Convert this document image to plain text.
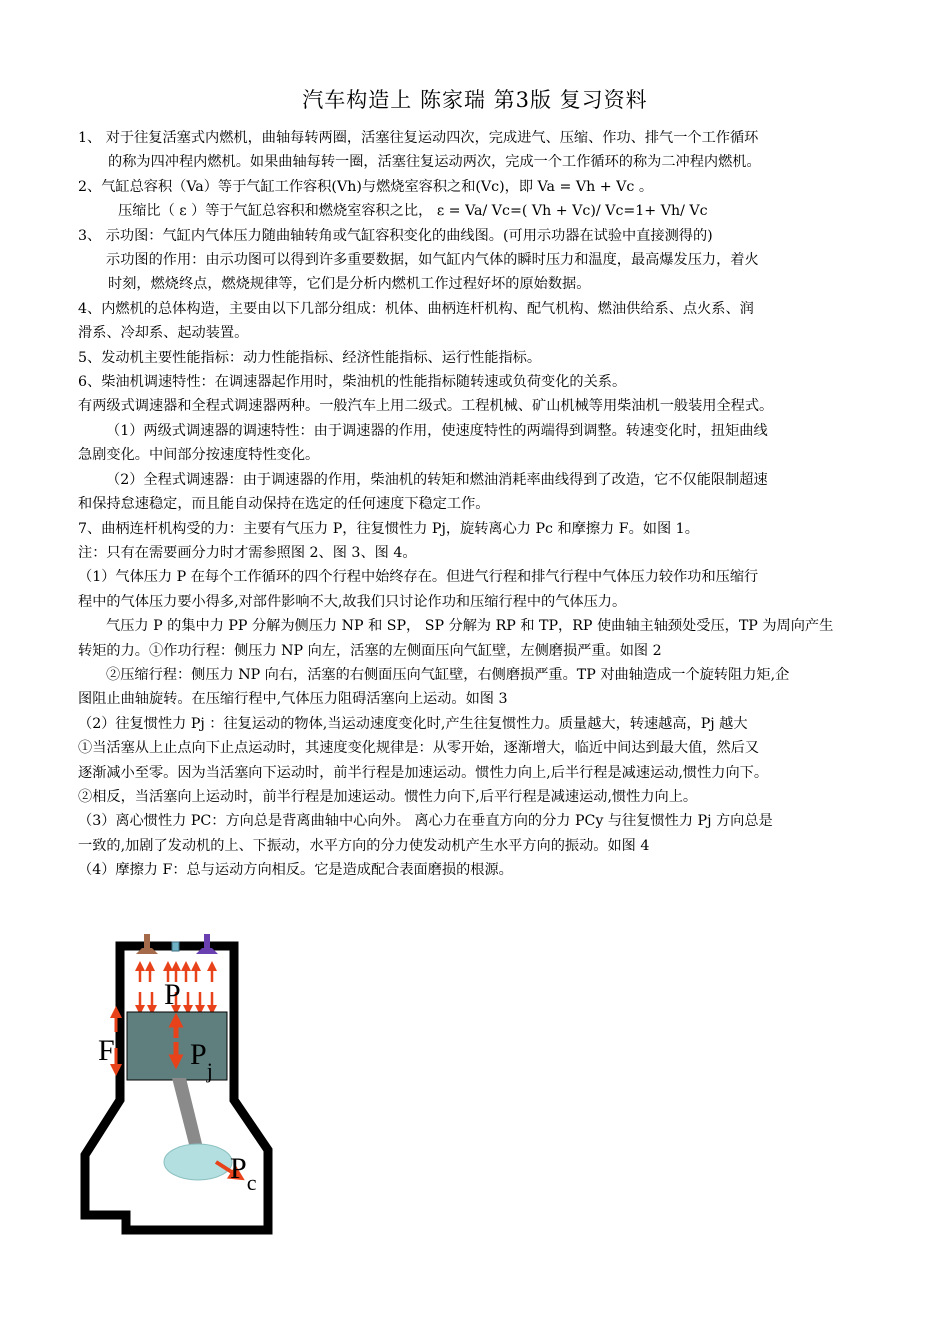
汽车构造上 陈家瑞 第3版 复习资料

1、 对于往复活塞式内燃机，曲轴每转两圈，活塞往复运动四次，完成进气、压缩、作功、排气一个工作循环

的称为四冲程内燃机。如果曲轴每转一圈，活塞往复运动两次，完成一个工作循环的称为二冲程内燃机。

2、气缸总容积（Va）等于气缸工作容积(Vh)与燃烧室容积之和(Vc)，即 Va = Vh + Vc 。

压缩比（ ε ）等于气缸总容积和燃烧室容积之比， ε = Va/ Vc=( Vh + Vc)/ Vc=1+ Vh/ Vc

3、 示功图：气缸内气体压力随曲轴转角或气缸容积变化的曲线图。(可用示功器在试验中直接测得的)

示功图的作用：由示功图可以得到许多重要数据，如气缸内气体的瞬时压力和温度，最高爆发压力，着火

时刻，燃烧终点，燃烧规律等，它们是分析内燃机工作过程好坏的原始数据。

4、内燃机的总体构造，主要由以下几部分组成：机体、曲柄连杆机构、配气机构、燃油供给系、点火系、润

滑系、冷却系、起动装置。

5、发动机主要性能指标：动力性能指标、经济性能指标、运行性能指标。

6、柴油机调速特性：在调速器起作用时，柴油机的性能指标随转速或负荷变化的关系。

有两级式调速器和全程式调速器两种。一般汽车上用二级式。工程机械、矿山机械等用柴油机一般装用全程式。

（1）两级式调速器的调速特性：由于调速器的作用，使速度特性的两端得到调整。转速变化时，扭矩曲线

急剧变化。中间部分按速度特性变化。

（2）全程式调速器：由于调速器的作用，柴油机的转矩和燃油消耗率曲线得到了改造，它不仅能限制超速

和保持怠速稳定，而且能自动保持在选定的任何速度下稳定工作。

7、曲柄连杆机构受的力：主要有气压力 P，往复惯性力 Pj，旋转离心力 Pc 和摩擦力 F。如图 1。

注：只有在需要画分力时才需参照图 2、图 3、图 4。

（1）气体压力 P 在每个工作循环的四个行程中始终存在。但进气行程和排气行程中气体压力较作功和压缩行

程中的气体压力要小得多,对部件影响不大,故我们只讨论作功和压缩行程中的气体压力。

气压力 P 的集中力 PP 分解为侧压力 NP 和 SP， SP 分解为 RP 和 TP，RP 使曲轴主轴颈处受压，TP 为周向产生

转矩的力。①作功行程：侧压力 NP 向左，活塞的左侧面压向气缸壁，左侧磨损严重。如图 2

②压缩行程：侧压力 NP 向右，活塞的右侧面压向气缸壁，右侧磨损严重。TP 对曲轴造成一个旋转阻力矩,企

图阻止曲轴旋转。在压缩行程中,气体压力阻碍活塞向上运动。如图 3

（2）往复惯性力 Pj ：往复运动的物体,当运动速度变化时,产生往复惯性力。质量越大，转速越高，Pj 越大

①当活塞从上止点向下止点运动时，其速度变化规律是：从零开始，逐渐增大，临近中间达到最大值，然后又

逐渐减小至零。因为当活塞向下运动时，前半行程是加速运动。惯性力向上,后半行程是减速运动,惯性力向下。

②相反，当活塞向上运动时，前半行程是加速运动。惯性力向下,后平行程是减速运动,惯性力向上。

（3）离心惯性力 PC：方向总是背离曲轴中心向外。 离心力在垂直方向的分力 PCy 与往复惯性力 Pj 方向总是

一致的,加剧了发动机的上、下振动，水平方向的分力使发动机产生水平方向的振动。如图 4

（4）摩擦力 F：总与运动方向相反。它是造成配合表面磨损的根源。

P
F	$P_j$
$P_c$
